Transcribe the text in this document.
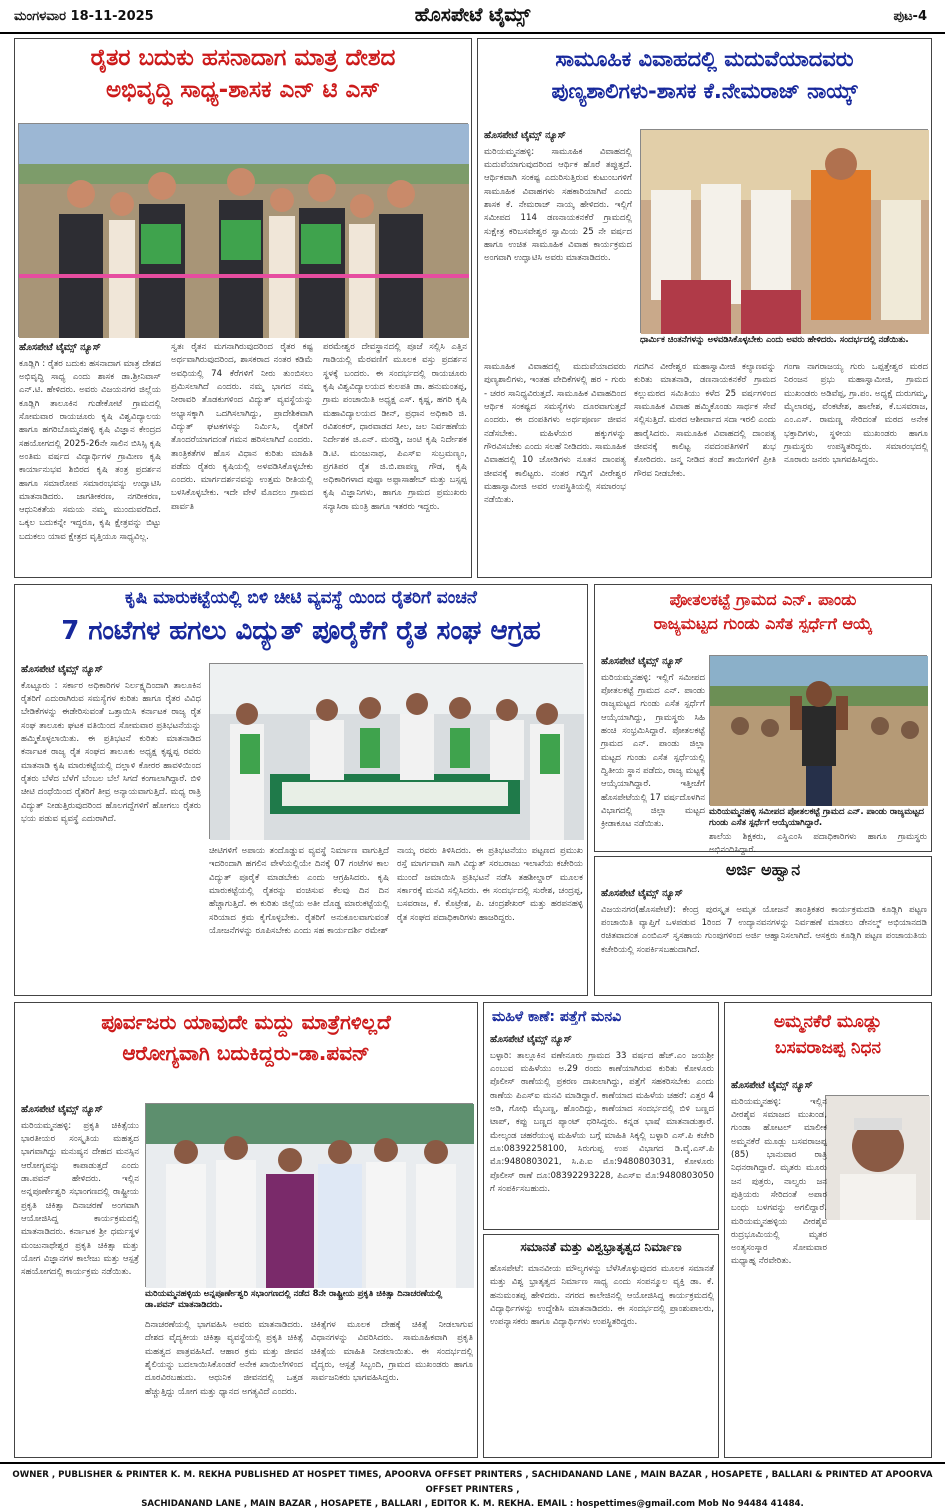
ಮಂಗಳವಾರ 18-11-2025	ಹೊಸಪೇಟೆ ಟೈಮ್ಸ್	ಪುಟ-4
ರೈತರ ಬದುಕು ಹಸನಾದಾಗ ಮಾತ್ರ ದೇಶದ
ಅಭಿವೃದ್ಧಿ ಸಾಧ್ಯ-ಶಾಸಕ ಎನ್ ಟಿ ಎಸ್
ಹೊಸಪೇಟೆ ಟೈಮ್ಸ್ ನ್ಯೂಸ್

ಕೂಡ್ಲಿಗಿ : ರೈತರ ಬದುಕು ಹಸನಾದಾಗ ಮಾತ್ರ ದೇಶದ ಅಭಿವೃದ್ಧಿ ಸಾಧ್ಯ ಎಂದು ಶಾಸಕ ಡಾ.ಶ್ರೀನಿವಾಸ್ ಎನ್.ಟಿ. ಹೇಳಿದರು. ಅವರು ವಿಜಯನಗರ ಜಿಲ್ಲೆಯ ಕೂಡ್ಲಿಗಿ ತಾಲೂಕಿನ ಗುಡೇಕೋಟೆ ಗ್ರಾಮದಲ್ಲಿ ಸೋಮವಾರ ರಾಯಚೂರು ಕೃಷಿ ವಿಶ್ವವಿದ್ಯಾಲಯ ಹಾಗೂ ಹಗರಿಬೊಮ್ಮನಹಳ್ಳಿ ಕೃಷಿ ವಿಜ್ಞಾನ ಕೇಂದ್ರದ ಸಹಯೋಗದಲ್ಲಿ 2025-26ನೇ ಸಾಲಿನ ಬಿಸಿಸ್ಸಿ ಕೃಷಿ ಅಂತಿಮ ವರ್ಷದ ವಿದ್ಯಾರ್ಥಿಗಳ ಗ್ರಾಮೀಣ ಕೃಷಿ ಕಾರ್ಯಾನುಭವ ಶಿಬಿರದ ಕೃಷಿ ತಂತ್ರ ಪ್ರದರ್ಶನ ಹಾಗೂ ಸಮಾರೋಪ ಸಮಾರಂಭವನ್ನು ಉದ್ಘಾಟಿಸಿ ಮಾತನಾಡಿದರು. ಜಾಗತೀಕರಣ, ನಗರೀಕರಣ, ಆಧುನಿಕತೆಯ ಸಮಯ ನಮ್ಮ ಮುಂದುವರೆದಿದೆ. ಒಕ್ಕಲ ಬದುಕನ್ನೇ ಇದ್ದರೂ, ಕೃಷಿ ಕ್ಷೇತ್ರವನ್ನು ಬಿಟ್ಟು ಬದುಕಲು ಯಾವ ಕ್ಷೇತ್ರದ ವೃತ್ತಿಯೂ ಸಾಧ್ಯವಿಲ್ಲ.

ಸ್ವತಃ ರೈತನ ಮಗನಾಗಿರುವುದರಿಂದ ರೈತರ ಕಷ್ಟ ಅರ್ಥವಾಗಿರುವುದರಿಂದ, ಶಾಸಕರಾದ ನಂತರ ಕಡಿಮೆ ಅವಧಿಯಲ್ಲಿ 74 ಕೆರೆಗಳಿಗೆ ನೀರು ತುಂಬಿಸಲು ಪ್ರಮಿಸಲಾಗಿದೆ ಎಂದರು. ನಮ್ಮ ಭಾಗದ ನಮ್ಮ ನೀರಾವರಿ ತೊಡಕುಗಳಿಂದ ವಿದ್ಯುತ್ ವ್ಯವಸ್ಥೆಯನ್ನು ಅಭ್ಯಾಸಕ್ಕಾಗಿ ಒದಗಿಸಲಾಗಿದ್ದು, ಪ್ರಾದೇಶಿಕವಾಗಿ ವಿದ್ಯುತ್ ಘಟಕಗಳನ್ನು ನಿರ್ಮಿಸಿ, ರೈತರಿಗೆ ತೊಂದರೆಯಾಗದಂತೆ ಗಮನ ಹರಿಸಲಾಗಿದೆ ಎಂದರು. ತಾಂತ್ರಿಕತೆಗಳ ಹೊಸ ವಿಧಾನ ಕುರಿತು ಮಾಹಿತಿ ಪಡೆದು ರೈತರು ಕೃಷಿಯಲ್ಲಿ ಅಳವಡಿಸಿಕೊಳ್ಳಬೇಕು ಎಂದರು. ಮಾರ್ಗದರ್ಶನವನ್ನು ಉತ್ತಮ ರೀತಿಯಲ್ಲಿ ಬಳಸಿಕೊಳ್ಳಬೇಕು. ಇದೇ ವೇಳೆ ಮೊದಲು ಗ್ರಾಮದ ಪಾರ್ವತಿ

ಪರಮೇಶ್ವರ ದೇವಸ್ಥಾನದಲ್ಲಿ ಪೂಜೆ ಸಲ್ಲಿಸಿ ಎತ್ತಿನ ಗಾಡಿಯಲ್ಲಿ ಮೆರವಣಿಗೆ ಮೂಲಕ ವಸ್ತು ಪ್ರದರ್ಶನ ಸ್ಥಳಕ್ಕೆ ಬಂದರು. ಈ ಸಂದರ್ಭದಲ್ಲಿ ರಾಯಚೂರು ಕೃಷಿ ವಿಶ್ವವಿದ್ಯಾಲಯದ ಕುಲಪತಿ ಡಾ. ಹನುಮಂತಪ್ಪ, ಗ್ರಾಮ ಪಂಚಾಯಿತಿ ಅಧ್ಯಕ್ಷ ಎಸ್. ಕೃಷ್ಣ, ಹಗರಿ ಕೃಷಿ ಮಹಾವಿದ್ಯಾಲಯದ ಡೀನ್, ಪ್ರಧಾನ ಅಧಿಕಾರಿ ಜಿ. ರವಿಶಂಕರ್, ಧಾರವಾಡದ ಸೀಲ, ಜಲ ನಿರ್ವಹಣೆಯ ನಿರ್ದೇಶಕ ಜಿ.ಎನ್. ಮರಡ್ಡಿ, ಜಂಟಿ ಕೃಷಿ ನಿರ್ದೇಶಕ ಡಿ.ಟಿ. ಮಂಜುನಾಥ, ಪಿಎಸ್ಐ ಸುಬ್ರಮಣ್ಯಂ, ಪ್ರಗತಿಪರ ರೈತ ಜಿ.ಬಿ.ಪಾಪಣ್ಣ ಗೌಡ, ಕೃಷಿ ಅಧಿಕಾರಿಗಳಾದ ಪುಷ್ಪಾ ಅಪ್ಪಾಸಾಹೇಬ್ ಮತ್ತು ಬಸ್ಸಪ್ಪ ಕೃಷಿ ವಿಜ್ಞಾನಿಗಳು, ಹಾಗೂ ಗ್ರಾಮದ ಪ್ರಮುಖರು ಸನ್ಯಾಸಿರಾ ಮಂತ್ರಿ ಹಾಗೂ ಇತರರು ಇದ್ದರು.

ಸಾಮೂಹಿಕ ವಿವಾಹದಲ್ಲಿ ಮದುವೆಯಾದವರು
ಪುಣ್ಯಶಾಲಿಗಳು-ಶಾಸಕ ಕೆ.ನೇಮರಾಜ್ ನಾಯ್ಕ್
ಹೊಸಪೇಟೆ ಟೈಮ್ಸ್ ನ್ಯೂಸ್

ಮರಿಯಮ್ಮನಹಳ್ಳಿ: ಸಾಮೂಹಿಕ ವಿವಾಹದಲ್ಲಿ ಮದುವೆಯಾಗುವುದರಿಂದ ಆರ್ಥಿಕ ಹೊರೆ ತಪ್ಪುತ್ತದೆ. ಆರ್ಥಿಕವಾಗಿ ಸಂಕಷ್ಟ ಎದುರಿಸುತ್ತಿರುವ ಕುಟುಂಬಗಳಿಗೆ ಸಾಮೂಹಿಕ ವಿವಾಹಗಳು ಸಹಕಾರಿಯಾಗಿವೆ ಎಂದು ಶಾಸಕ ಕೆ. ನೇಮರಾಜ್ ನಾಯ್ಕ ಹೇಳಿದರು. ಇಲ್ಲಿಗೆ ಸಮೀಪದ 114 ಡಣನಾಯಕನಕೆರೆ ಗ್ರಾಮದಲ್ಲಿ ಸುಕ್ಷೇತ್ರ ಕರಿಬಸವೇಶ್ವರ ಸ್ವಾಮಿಯ 25 ನೇ ವರ್ಷದ ಹಾಗೂ ಉಚಿತ ಸಾಮೂಹಿಕ ವಿವಾಹ ಕಾರ್ಯಕ್ರಮದ ಅಂಗವಾಗಿ ಉದ್ಘಾಟಿಸಿ ಅವರು ಮಾತನಾಡಿದರು.

ಧಾರ್ಮಿಕ ಚಿಂತನೆಗಳನ್ನು ಅಳವಡಿಸಿಕೊಳ್ಳಬೇಕು ಎಂದು ಅವರು ಹೇಳಿದರು. ಸಂದರ್ಭದಲ್ಲಿ ನಡೆಯಿತು.

ಸಾಮೂಹಿಕ ವಿವಾಹದಲ್ಲಿ ಮದುವೆಯಾದವರು ಪುಣ್ಯಶಾಲಿಗಳು, ಇಂತಹ ವೇದಿಕೆಗಳಲ್ಲಿ ಹರ - ಗುರು - ಚರರ ಸಾನಿಧ್ಯವಿರುತ್ತದೆ. ಸಾಮೂಹಿಕ ವಿವಾಹದಿಂದ ಆರ್ಥಿಕ ಸಂಕಷ್ಟದ ಸಮಸ್ಯೆಗಳು ದೂರವಾಗುತ್ತದೆ ಎಂದರು. ಈ ದಂಪತಿಗಳು ಅರ್ಥಪೂರ್ಣ ಜೀವನ ನಡೆಸಬೇಕು. ಮಹಿಳೆಯರ ಹಕ್ಕುಗಳನ್ನು ಗೌರವಿಸಬೇಕು ಎಂದು ಸಲಹೆ ನೀಡಿದರು. ಸಾಮೂಹಿಕ ವಿವಾಹದಲ್ಲಿ 10 ಜೋಡಿಗಳು ನೂತನ ದಾಂಪತ್ಯ ಜೀವನಕ್ಕೆ ಕಾಲಿಟ್ಟರು. ನಂತರ ಗದ್ದಿಗೆ ವೀರೇಶ್ವರ ಮಹಾಸ್ವಾಮೀಜಿ ಅವರ ಉಪಸ್ಥಿತಿಯಲ್ಲಿ ಸಮಾರಂಭ ನಡೆಯಿತು.

ಗದಗಿನ ವೀರೇಶ್ವರ ಮಹಾಸ್ವಾಮೀಜಿ ಕಲ್ಯಾಣವನ್ನು ಕುರಿತು ಮಾತನಾಡಿ, ಡಣನಾಯಕನಕೆರೆ ಗ್ರಾಮದ ಕಲ್ಲುಮಠದ ಸಮಿತಿಯು ಕಳೆದ 25 ವರ್ಷಗಳಿಂದ ಸಾಮೂಹಿಕ ವಿವಾಹ ಹಮ್ಮಿಕೊಂಡು ಸಾರ್ಥಕ ಸೇವೆ ಸಲ್ಲಿಸುತ್ತಿದೆ. ಮಠದ ಆಶೀರ್ವಾದ ಸದಾ ಇರಲಿ ಎಂದು ಹಾರೈಸಿದರು. ಸಾಮೂಹಿಕ ವಿವಾಹದಲ್ಲಿ ದಾಂಪತ್ಯ ಜೀವನಕ್ಕೆ ಕಾಲಿಟ್ಟ ನವದಂಪತಿಗಳಿಗೆ ಶುಭ ಕೋರಿದರು. ಜನ್ಮ ನೀಡಿದ ತಂದೆ ತಾಯಿಗಳಿಗೆ ಪ್ರೀತಿ ಗೌರವ ನೀಡಬೇಕು.

ಗಂಗಾ ನಾಗರಾಜಯ್ಯ ಗುರು ಒಪ್ಪತ್ತೇಶ್ವರ ಮಠದ ನಿರಂಜನ ಪ್ರಭು ಮಹಾಸ್ವಾಮೀಜಿ, ಗ್ರಾಮದ ಮುಖಂಡರು ಅಡಿವೆಪ್ಪ, ಗ್ರಾ.ಪಂ. ಅಧ್ಯಕ್ಷೆ ದುರುಗಮ್ಮ, ಮೈಲಾರಪ್ಪ, ವೆಂಕಟೇಶ, ಹಾಲೇಶ, ಕೆ.ಬಸವರಾಜ, ಎಂ.ಎಸ್. ರಾಮಣ್ಣ ಸೇರಿದಂತೆ ಮಠದ ಅನೇಕ ಭಕ್ತಾದಿಗಳು, ಸ್ಥಳೀಯ ಮುಖಂಡರು ಹಾಗೂ ಗ್ರಾಮಸ್ಥರು ಉಪಸ್ಥಿತರಿದ್ದರು. ಸಮಾರಂಭದಲ್ಲಿ ನೂರಾರು ಜನರು ಭಾಗವಹಿಸಿದ್ದರು.

ಕೃಷಿ ಮಾರುಕಟ್ಟೆಯಲ್ಲಿ ಬಿಳಿ ಚೀಟಿ ವ್ಯವಸ್ಥೆ ಯಿಂದ ರೈತರಿಗೆ ವಂಚನೆ
7 ಗಂಟೆಗಳ ಹಗಲು ವಿದ್ಯುತ್ ಪೂರೈಕೆಗೆ ರೈತ ಸಂಘ ಆಗ್ರಹ
ಹೊಸಪೇಟೆ ಟೈಮ್ಸ್ ನ್ಯೂಸ್

ಕೊಟ್ಟೂರು : ಸರ್ಕಾರ ಅಧಿಕಾರಿಗಳ ನಿರ್ಲಕ್ಷ್ಯದಿಂದಾಗಿ ತಾಲೂಕಿನ ರೈತರಿಗೆ ಎದುರಾಗಿರುವ ಸಮಸ್ಯೆಗಳ ಕುರಿತು ಹಾಗೂ ರೈತರ ವಿವಿಧ ಬೇಡಿಕೆಗಳನ್ನು ಈಡೇರಿಸುವಂತೆ ಒತ್ತಾಯಿಸಿ ಕರ್ನಾಟಕ ರಾಜ್ಯ ರೈತ ಸಂಘ ತಾಲೂಕು ಘಟಕ ವತಿಯಿಂದ ಸೋಮವಾರ ಪ್ರತಿಭಟನೆಯನ್ನು ಹಮ್ಮಿಕೊಳ್ಳಲಾಯಿತು. ಈ ಪ್ರತಿಭಟನೆ ಕುರಿತು ಮಾತನಾಡಿದ ಕರ್ನಾಟಕ ರಾಜ್ಯ ರೈತ ಸಂಘದ ತಾಲೂಕು ಅಧ್ಯಕ್ಷ ಕೃಷ್ಣಪ್ಪ ರವರು ಮಾತನಾಡಿ ಕೃಷಿ ಮಾರುಕಟ್ಟೆಯಲ್ಲಿ ದಲ್ಲಾಳಿ ಕೋರರ ಹಾವಳಿಯಿಂದ ರೈತರು ಬೆಳೆದ ಬೆಳೆಗೆ ಬೆಂಬಲ ಬೆಲೆ ಸಿಗದೆ ಕಂಗಾಲಾಗಿದ್ದಾರೆ. ಬಿಳಿ ಚೀಟಿ ದಂಧೆಯಿಂದ ರೈತರಿಗೆ ತೀವ್ರ ಅನ್ಯಾಯವಾಗುತ್ತಿದೆ. ಮಧ್ಯ ರಾತ್ರಿ ವಿದ್ಯುತ್ ನೀಡುತ್ತಿರುವುದರಿಂದ ಹೊಲಗದ್ದೆಗಳಿಗೆ ಹೋಗಲು ರೈತರು ಭಯ ಪಡುವ ವ್ಯವಸ್ಥೆ ಎದುರಾಗಿದೆ.

ಚೀಟಿಗಳಿಗೆ ಅಪಾಯ ತಂದೊಡ್ಡುವ ವ್ಯವಸ್ಥೆ ನಿರ್ಮಾಣ ವಾಗುತ್ತಿದೆ ಇದರಿಂದಾಗಿ ಹಗಲಿನ ವೇಳೆಯಲ್ಲಿಯೇ ದಿನಕ್ಕೆ 07 ಗಂಟೆಗಳ ಕಾಲ ವಿದ್ಯುತ್ ಪೂರೈಕೆ ಮಾಡಬೇಕು ಎಂದು ಆಗ್ರಹಿಸಿದರು. ಕೃಷಿ ಮಾರುಕಟ್ಟೆಯಲ್ಲಿ ರೈತರನ್ನು ವಂಚಿಸುವ ಕೆಲವು ದಿನ ದಿನ ಹೆಚ್ಚಾಗುತ್ತಿದೆ. ಈ ಕುರಿತು ಜಿಲ್ಲೆಯ ಅತೀ ದೊಡ್ಡ ಮಾರುಕಟ್ಟೆಯಲ್ಲಿ ಸರಿಯಾದ ಕ್ರಮ ಕೈಗೊಳ್ಳಬೇಕು. ರೈತರಿಗೆ ಅನುಕೂಲವಾಗುವಂತೆ ಯೋಜನೆಗಳನ್ನು ರೂಪಿಸಬೇಕು ಎಂದು ಸಹ ಕಾರ್ಯದರ್ಶಿ ರಮೇಶ್

ನಾಯ್ಕ ರವರು ತಿಳಿಸಿದರು. ಈ ಪ್ರತಿಭಟನೆಯು ಪಟ್ಟಣದ ಪ್ರಮುಖ ರಸ್ತೆ ಮಾರ್ಗವಾಗಿ ಸಾಗಿ ವಿದ್ಯುತ್ ಸರಬರಾಜು ಇಲಾಖೆಯ ಕಚೇರಿಯ ಮುಂದೆ ಜಮಾಯಿಸಿ ಪ್ರತಿಭಟನೆ ನಡೆಸಿ ತಹಶೀಲ್ದಾರ್ ಮೂಲಕ ಸರ್ಕಾರಕ್ಕೆ ಮನವಿ ಸಲ್ಲಿಸಿದರು. ಈ ಸಂದರ್ಭದಲ್ಲಿ ಸುರೇಶ, ಚಂದ್ರಪ್ಪ, ಬಸವರಾಜ, ಕೆ. ಕೊಟ್ರೇಶ, ಪಿ. ಚಂದ್ರಶೇಖರ್ ಮತ್ತು ಹರಪನಹಳ್ಳಿ ರೈತ ಸಂಘದ ಪದಾಧಿಕಾರಿಗಳು ಹಾಜರಿದ್ದರು.

ಪೋತಲಕಟ್ಟೆ ಗ್ರಾಮದ ಎನ್. ಪಾಂಡು
ರಾಜ್ಯಮಟ್ಟದ ಗುಂಡು ಎಸೆತ ಸ್ಪರ್ಧೆಗೆ ಆಯ್ಕೆ
ಹೊಸಪೇಟೆ ಟೈಮ್ಸ್ ನ್ಯೂಸ್

ಮರಿಯಮ್ಮನಹಳ್ಳಿ: ಇಲ್ಲಿಗೆ ಸಮೀಪದ ಪೋತಲಕಟ್ಟೆ ಗ್ರಾಮದ ಎನ್. ಪಾಂಡು ರಾಜ್ಯಮಟ್ಟದ ಗುಂಡು ಎಸೆತ ಸ್ಪರ್ಧೆಗೆ ಆಯ್ಕೆಯಾಗಿದ್ದು, ಗ್ರಾಮಸ್ಥರು ಸಿಹಿ ಹಂಚಿ ಸಂಭ್ರಮಿಸಿದ್ದಾರೆ. ಪೋತಲಕಟ್ಟೆ ಗ್ರಾಮದ ಎನ್. ಪಾಂಡು ಜಿಲ್ಲಾ ಮಟ್ಟದ ಗುಂಡು ಎಸೆತ ಸ್ಪರ್ಧೆಯಲ್ಲಿ ದ್ವಿತೀಯ ಸ್ಥಾನ ಪಡೆದು, ರಾಜ್ಯ ಮಟ್ಟಕ್ಕೆ ಆಯ್ಕೆಯಾಗಿದ್ದಾರೆ. ಇತ್ತೀಚೆಗೆ ಹೊಸಪೇಟೆಯಲ್ಲಿ 17 ವರ್ಷದೊಳಗಿನ ವಿಭಾಗದಲ್ಲಿ ಜಿಲ್ಲಾ ಮಟ್ಟದ ಕ್ರೀಡಾಕೂಟ ನಡೆಯಿತು.

ಮರಿಯಮ್ಮನಹಳ್ಳಿ ಸಮೀಪದ ಪೋತಲಕಟ್ಟೆ ಗ್ರಾಮದ ಎನ್. ಪಾಂಡು ರಾಜ್ಯಮಟ್ಟದ ಗುಂಡು ಎಸೆತ ಸ್ಪರ್ಧೆಗೆ ಆಯ್ಕೆಯಾಗಿದ್ದಾರೆ.

ಶಾಲೆಯ ಶಿಕ್ಷಕರು, ಎಸ್ಡಿಎಂಸಿ ಪದಾಧಿಕಾರಿಗಳು ಹಾಗೂ ಗ್ರಾಮಸ್ಥರು ಅಭಿನಂದಿಸಿದ್ದಾರೆ.

ಅರ್ಜಿ ಅಹ್ವಾನ
ಹೊಸಪೇಟೆ ಟೈಮ್ಸ್ ನ್ಯೂಸ್

ವಿಜಯನಗರ(ಹೊಸಪೇಟೆ): ಕೇಂದ್ರ ಪುರಸ್ಕೃತ ಅಮೃತ ಯೋಜನೆ ತಾಂತ್ರಿಕತರ ಕಾರ್ಯಕ್ರಮದಡಿ ಕೂಡ್ಲಿಗಿ ಪಟ್ಟಣ ಪಂಚಾಯಿತಿ ವ್ಯಾಪ್ತಿಗೆ ಒಳಪಡುವ 1ರಿಂದ 7 ಉದ್ಯಾನವನಗಳನ್ನು ನಿರ್ವಹಣೆ ಮಾಡಲು ಡೇನಲ್ಮ್ ಅಭಿಯಾನದಡಿ ರಚಿತವಾದಂತ ಎಂಬಿಎಸ್ ಸ್ವಸಹಾಯ ಗುಂಪುಗಳಿಂದ ಅರ್ಜಿ ಆಹ್ವಾನಿಸಲಾಗಿದೆ. ಆಸಕ್ತರು ಕೂಡ್ಲಿಗಿ ಪಟ್ಟಣ ಪಂಚಾಯತಿಯ ಕಚೇರಿಯಲ್ಲಿ ಸಂಪರ್ಕಿಸಬಹುದಾಗಿದೆ.

ಪೂರ್ವಜರು ಯಾವುದೇ ಮದ್ದು ಮಾತ್ರೆಗಳಿಲ್ಲದೆ
ಆರೋಗ್ಯವಾಗಿ ಬದುಕಿದ್ದರು-ಡಾ.ಪವನ್
ಹೊಸಪೇಟೆ ಟೈಮ್ಸ್ ನ್ಯೂಸ್

ಮರಿಯಮ್ಮನಹಳ್ಳಿ: ಪ್ರಕೃತಿ ಚಿಕಿತ್ಸೆಯು ಭಾರತೀಯರ ಸಂಸ್ಕೃತಿಯ ಮಹತ್ವದ ಭಾಗವಾಗಿದ್ದು ಮನುಷ್ಯನ ದೇಹದ ಮನಸ್ಸಿನ ಆರೋಗ್ಯವನ್ನು ಕಾಪಾಡುತ್ತದೆ ಎಂದು ಡಾ.ಪವನ್ ಹೇಳಿದರು. ಇಲ್ಲಿನ ಅನ್ನಪೂರ್ಣೇಶ್ವರಿ ಸಭಾಂಗಣದಲ್ಲಿ ರಾಷ್ಟ್ರೀಯ ಪ್ರಕೃತಿ ಚಿಕಿತ್ಸಾ ದಿನಾಚರಣೆ ಅಂಗವಾಗಿ ಆಯೋಜಿಸಿದ್ದ ಕಾರ್ಯಕ್ರಮದಲ್ಲಿ ಮಾತನಾಡಿದರು. ಕರ್ನಾಟಕ ಶ್ರೀ ಧರ್ಮಸ್ಥಳ ಮಂಜುನಾಥೇಶ್ವರ ಪ್ರಕೃತಿ ಚಿಕಿತ್ಸಾ ಮತ್ತು ಯೋಗ ವಿಜ್ಞಾನಗಳ ಕಾಲೇಜು ಮತ್ತು ಆಸ್ಪತ್ರೆ ಸಹಯೋಗದಲ್ಲಿ ಕಾರ್ಯಕ್ರಮ ನಡೆಯಿತು.

ಮರಿಯಮ್ಮನಹಳ್ಳಿಯ ಅನ್ನಪೂರ್ಣೇಶ್ವರಿ ಸಭಾಂಗಣದಲ್ಲಿ ನಡೆದ 8ನೇ ರಾಷ್ಟ್ರೀಯ ಪ್ರಕೃತಿ ಚಿಕಿತ್ಸಾ ದಿನಾಚರಣೆಯಲ್ಲಿ ಡಾ.ಪವನ್ ಮಾತನಾಡಿದರು.

ದಿನಾಚರಣೆಯಲ್ಲಿ ಭಾಗವಹಿಸಿ ಅವರು ಮಾತನಾಡಿದರು. ದೇಶದ ವೈದ್ಯಕೀಯ ಚಿಕಿತ್ಸಾ ವ್ಯವಸ್ಥೆಯಲ್ಲಿ ಪ್ರಕೃತಿ ಚಿಕಿತ್ಸೆ ಮಹತ್ವದ ಪಾತ್ರವಹಿಸಿದೆ. ಆಹಾರ ಕ್ರಮ ಮತ್ತು ಜೀವನ ಶೈಲಿಯನ್ನು ಬದಲಾಯಿಸಿಕೊಂಡರೆ ಅನೇಕ ಖಾಯಿಲೆಗಳಿಂದ ದೂರವಿರಬಹುದು. ಆಧುನಿಕ ಜೀವನದಲ್ಲಿ ಒತ್ತಡ ಹೆಚ್ಚುತ್ತಿದ್ದು ಯೋಗ ಮತ್ತು ಧ್ಯಾನದ ಅಗತ್ಯವಿದೆ ಎಂದರು.

ಚಿಕಿತ್ಸೆಗಳ ಮೂಲಕ ದೇಹಕ್ಕೆ ಚಿಕಿತ್ಸೆ ನೀಡಲಾಗುವ ವಿಧಾನಗಳನ್ನು ವಿವರಿಸಿದರು. ಸಾಮೂಹಿಕವಾಗಿ ಪ್ರಕೃತಿ ಚಿಕಿತ್ಸೆಯ ಮಾಹಿತಿ ನೀಡಲಾಯಿತು. ಈ ಸಂದರ್ಭದಲ್ಲಿ ವೈದ್ಯರು, ಆಸ್ಪತ್ರೆ ಸಿಬ್ಬಂದಿ, ಗ್ರಾಮದ ಮುಖಂಡರು ಹಾಗೂ ಸಾರ್ವಜನಿಕರು ಭಾಗವಹಿಸಿದ್ದರು.

ಮಹಿಳೆ ಕಾಣೆ: ಪತ್ತೆಗೆ ಮನವಿ
ಹೊಸಪೇಟೆ ಟೈಮ್ಸ್ ನ್ಯೂಸ್

ಬಳ್ಳಾರಿ: ತಾಲ್ಲೂಕಿನ ವಣೇನೂರು ಗ್ರಾಮದ 33 ವರ್ಷದ ಹೆಚ್.ಎಂ ಜಯಶ್ರೀ ಎಂಬುವ ಮಹಿಳೆಯು ಅ.29 ರಂದು ಕಾಣೆಯಾಗಿರುವ ಕುರಿತು ಕೋಳೂರು ಪೊಲೀಸ್ ಠಾಣೆಯಲ್ಲಿ ಪ್ರಕರಣ ದಾಖಲಾಗಿದ್ದು, ಪತ್ತೆಗೆ ಸಹಕರಿಸಬೇಕು ಎಂದು ಠಾಣೆಯ ಪಿಎಸ್ಐ ಮನವಿ ಮಾಡಿದ್ದಾರೆ. ಕಾಣೆಯಾದ ಮಹಿಳೆಯ ಚಹರೆ: ಎತ್ತರ 4 ಅಡಿ, ಗೋಧಿ ಮೈಬಣ್ಣ, ಹೊಂದಿದ್ದು, ಕಾಣೆಯಾದ ಸಂದರ್ಭದಲ್ಲಿ ಬಿಳಿ ಬಣ್ಣದ ಟಾಪ್, ಕಪ್ಪು ಬಣ್ಣದ ಪ್ಯಾಂಟ್ ಧರಿಸಿದ್ದರು. ಕನ್ನಡ ಭಾಷೆ ಮಾತನಾಡುತ್ತಾರೆ. ಮೇಲ್ಕಂಡ ಚಹರೆಯುಳ್ಳ ಮಹಿಳೆಯ ಬಗ್ಗೆ ಮಾಹಿತಿ ಸಿಕ್ಕಲ್ಲಿ ಬಳ್ಳಾರಿ ಎಸ್.ಪಿ ಕಚೇರಿ ದೂ:08392258100, ಸಿರುಗುಪ್ಪ ಉಪ ವಿಭಾಗದ ಡಿ.ವೈ.ಎಸ್.ಪಿ ಮೊ:9480803021, ಸಿ.ಪಿ.ಐ ಮೊ:9480803031, ಕೋಳೂರು ಪೊಲೀಸ್ ಠಾಣೆ ದೂ:08392293228, ಪಿಎಸ್ಐ ಮೊ:9480803050 ಗೆ ಸಂಪರ್ಕಿಸಬಹುದು.

ಸಮಾನತೆ ಮತ್ತು ವಿಶ್ವಭ್ರಾತೃತ್ವದ ನಿರ್ಮಾಣ

ಹೊಸಪೇಟೆ: ಮಾನವೀಯ ಮೌಲ್ಯಗಳನ್ನು ಬೆಳೆಸಿಕೊಳ್ಳುವುದರ ಮೂಲಕ ಸಮಾನತೆ ಮತ್ತು ವಿಶ್ವ ಭ್ರಾತೃತ್ವದ ನಿರ್ಮಾಣ ಸಾಧ್ಯ ಎಂದು ಸಂಪನ್ಮೂಲ ವ್ಯಕ್ತಿ ಡಾ. ಕೆ. ಹನುಮಂತಪ್ಪ ಹೇಳಿದರು. ನಗರದ ಕಾಲೇಜಿನಲ್ಲಿ ಆಯೋಜಿಸಿದ್ದ ಕಾರ್ಯಕ್ರಮದಲ್ಲಿ ವಿದ್ಯಾರ್ಥಿಗಳನ್ನು ಉದ್ದೇಶಿಸಿ ಮಾತನಾಡಿದರು. ಈ ಸಂದರ್ಭದಲ್ಲಿ ಪ್ರಾಂಶುಪಾಲರು, ಉಪನ್ಯಾಸಕರು ಹಾಗೂ ವಿದ್ಯಾರ್ಥಿಗಳು ಉಪಸ್ಥಿತರಿದ್ದರು.

ಅಮ್ಮನಕೆರೆ ಮೂಡ್ಲು
ಬಸವರಾಜಪ್ಪ ನಿಧನ
ಹೊಸಪೇಟೆ ಟೈಮ್ಸ್ ನ್ಯೂಸ್

ಮರಿಯಮ್ಮನಹಳ್ಳಿ: ಇಲ್ಲಿನ ವೀರಶೈವ ಸಮಾಜದ ಮುಖಂಡ, ಗುಂಡಾ ಹೋಟಲ್ ಮಾಲೀಕ ಅಮ್ಮನಕೆರೆ ಮೂಡ್ಲು ಬಸವರಾಜಪ್ಪ (85) ಭಾನುವಾರ ರಾತ್ರಿ ನಿಧನರಾಗಿದ್ದಾರೆ. ಮೃತರು ಮೂರು ಜನ ಪುತ್ರರು, ನಾಲ್ವರು ಜನ ಪುತ್ರಿಯರು ಸೇರಿದಂತೆ ಅಪಾರ ಬಂಧು ಬಳಗವನ್ನು ಅಗಲಿದ್ದಾರೆ. ಮರಿಯಮ್ಮನಹಳ್ಳಿಯ ವೀರಶೈವ ರುದ್ರಭೂಮಿಯಲ್ಲಿ ಮೃತರ ಅಂತ್ಯಸಂಸ್ಕಾರ ಸೋಮವಾರ ಮಧ್ಯಾಹ್ನ ನೆರವೇರಿತು.

OWNER , PUBLISHER & PRINTER K. M. REKHA PUBLISHED AT HOSPET TIMES, APOORVA OFFSET PRINTERS , SACHIDANAND LANE , MAIN BAZAR , HOSAPETE , BALLARI & PRINTED AT APOORVA OFFSET PRINTERS ,
SACHIDANAND LANE , MAIN BAZAR , HOSAPETE , BALLARI , EDITOR K. M. REKHA. EMAIL : hospettimes@gmail.com Mob No 94484 41484.
